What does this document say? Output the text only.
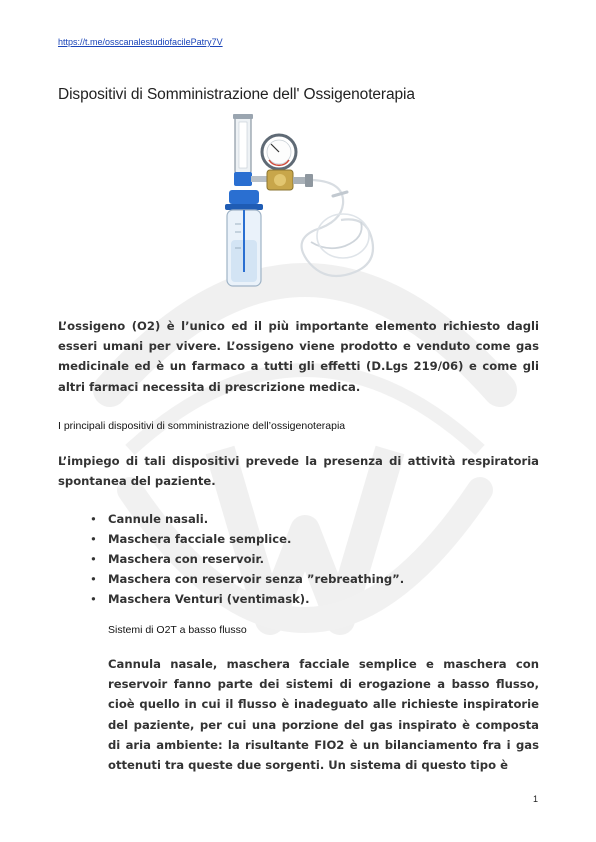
https://t.me/osscanalestudiofacilePatry7V
Dispositivi di Somministrazione dell' Ossigenoterapia

L’ossigeno (O2) è l’unico ed il più importante elemento richiesto dagli esseri umani per vivere. L’ossigeno viene prodotto e venduto come gas medicinale ed è un farmaco a tutti gli effetti (D.Lgs 219/06) e come gli altri farmaci necessita di prescrizione medica.

I principali dispositivi di somministrazione dell’ossigenoterapia

L’impiego di tali dispositivi prevede la presenza di attività respiratoria spontanea del paziente.

• Cannule nasali.
• Maschera facciale semplice.
• Maschera con reservoir.
• Maschera con reservoir senza ”rebreathing”.
• Maschera Venturi (ventimask).
Sistemi di O2T a basso flusso

Cannula nasale, maschera facciale semplice e maschera con reservoir fanno parte dei sistemi di erogazione a basso flusso, cioè quello in cui il flusso è inadeguato alle richieste inspiratorie del paziente, per cui una porzione del gas inspirato è composta di aria ambiente: la risultante FIO2 è un bilanciamento fra i gas ottenuti tra queste due sorgenti. Un sistema di questo tipo è

1
